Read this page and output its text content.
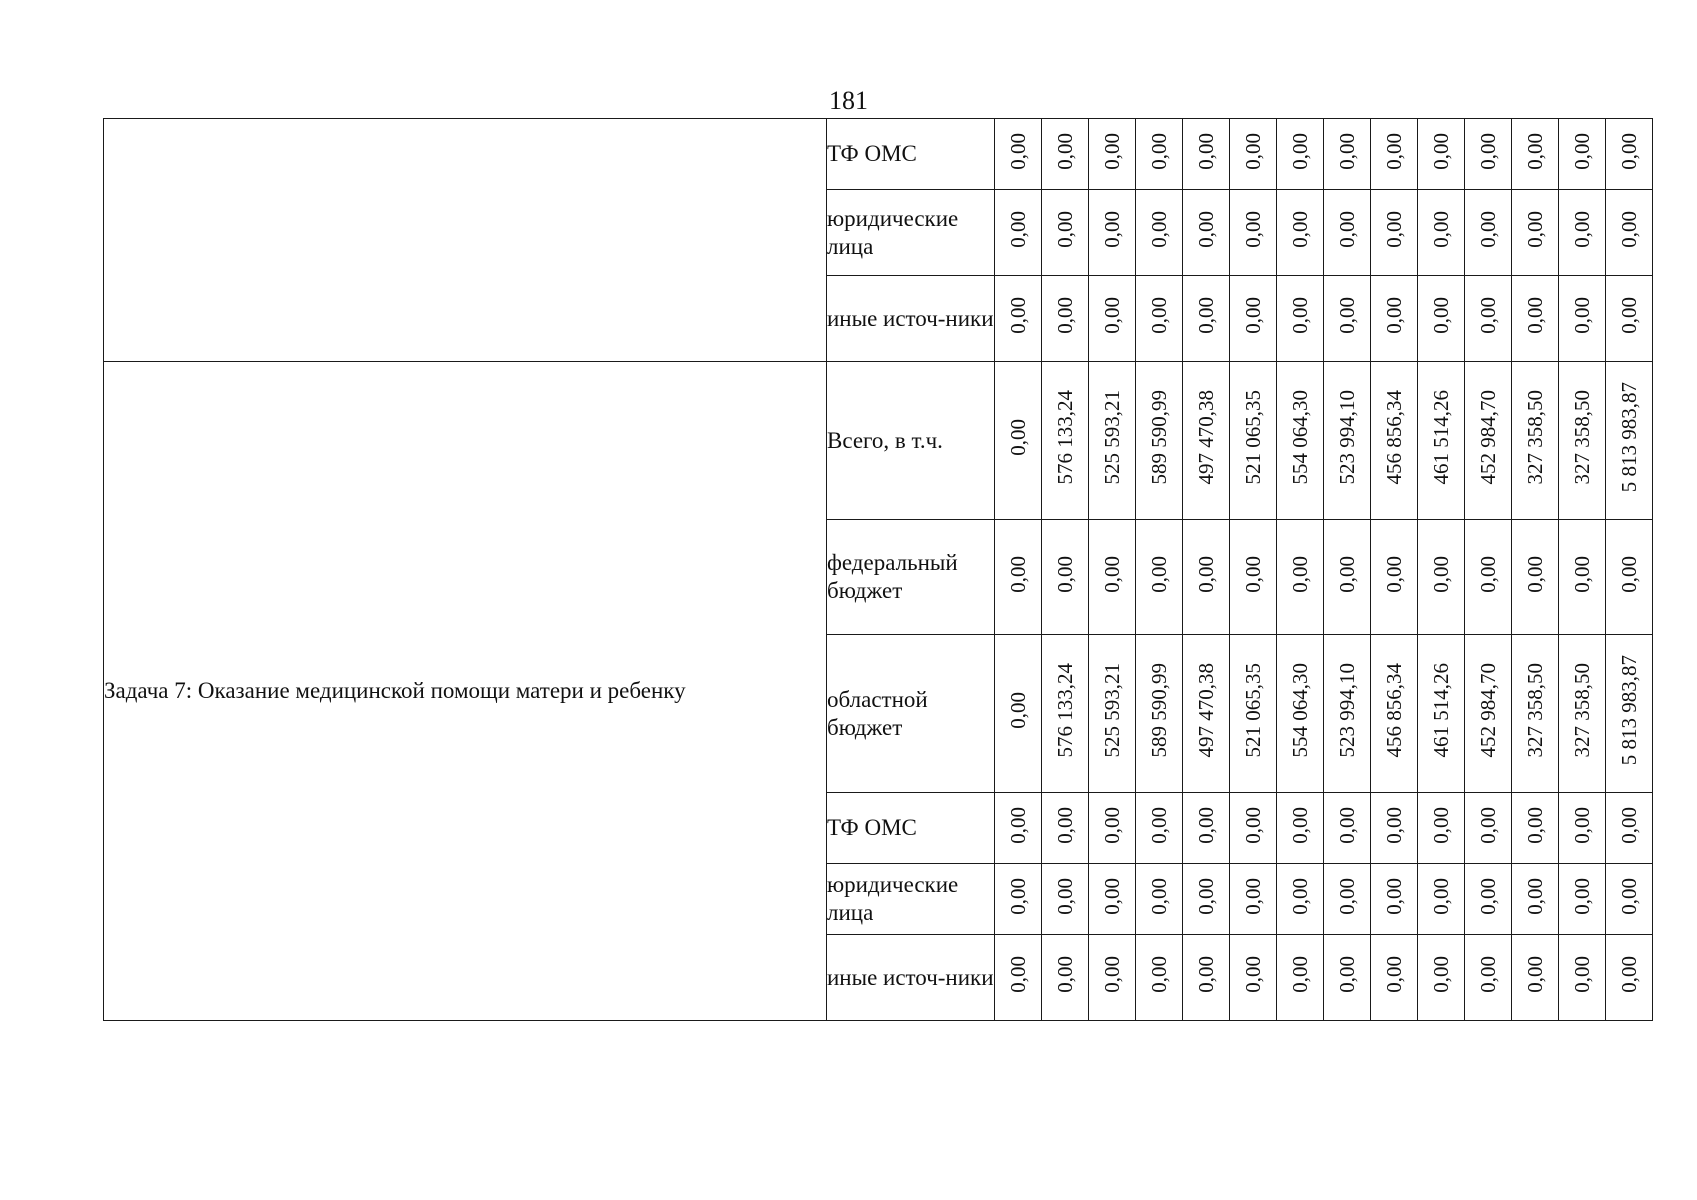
181
	ТФ ОМС	0,00	0,00	0,00	0,00	0,00	0,00	0,00	0,00	0,00	0,00	0,00	0,00	0,00	0,00
	юридические лица	0,00	0,00	0,00	0,00	0,00	0,00	0,00	0,00	0,00	0,00	0,00	0,00	0,00	0,00
	иные источ-ники	0,00	0,00	0,00	0,00	0,00	0,00	0,00	0,00	0,00	0,00	0,00	0,00	0,00	0,00
Задача 7: Оказание медицинской помощи матери и ребенку	Всего, в т.ч.	0,00	576 133,24	525 593,21	589 590,99	497 470,38	521 065,35	554 064,30	523 994,10	456 856,34	461 514,26	452 984,70	327 358,50	327 358,50	5 813 983,87
	федеральный бюджет	0,00	0,00	0,00	0,00	0,00	0,00	0,00	0,00	0,00	0,00	0,00	0,00	0,00	0,00
	областной бюджет	0,00	576 133,24	525 593,21	589 590,99	497 470,38	521 065,35	554 064,30	523 994,10	456 856,34	461 514,26	452 984,70	327 358,50	327 358,50	5 813 983,87
	ТФ ОМС	0,00	0,00	0,00	0,00	0,00	0,00	0,00	0,00	0,00	0,00	0,00	0,00	0,00	0,00
	юридические лица	0,00	0,00	0,00	0,00	0,00	0,00	0,00	0,00	0,00	0,00	0,00	0,00	0,00	0,00
	иные источ-ники	0,00	0,00	0,00	0,00	0,00	0,00	0,00	0,00	0,00	0,00	0,00	0,00	0,00	0,00
